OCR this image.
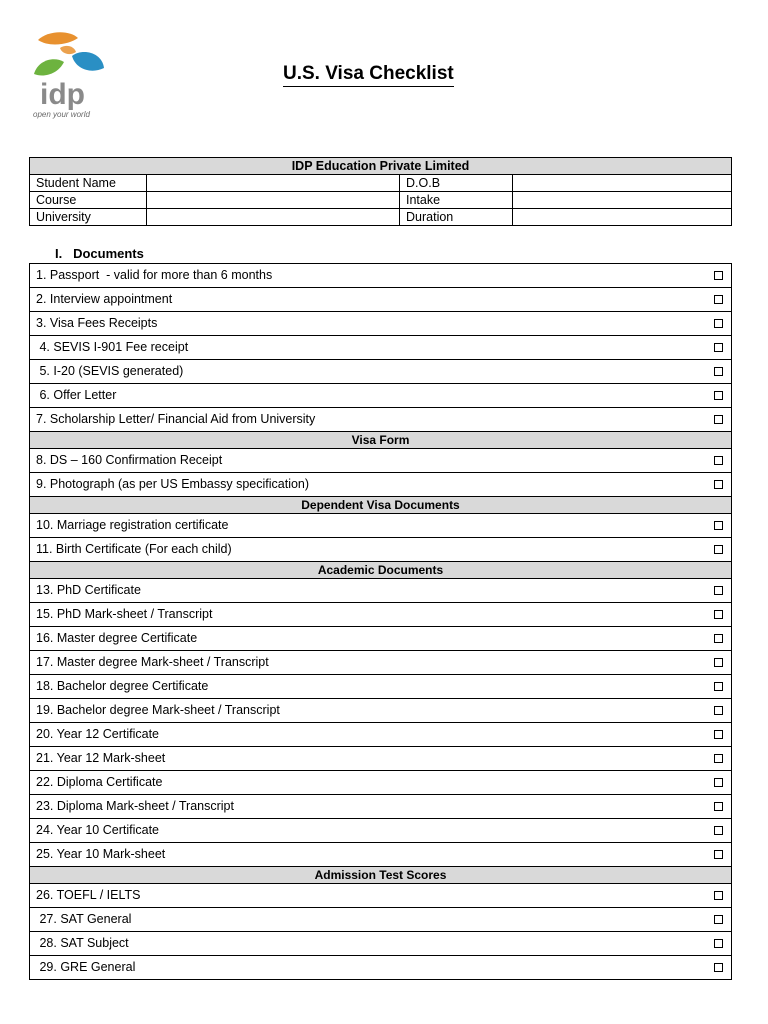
idp
open your world
U.S. Visa Checklist
IDP Education Private Limited			
Student Name		D.O.B	
Course		Intake	
University		Duration	
I. Documents
1. Passport  - valid for more than 6 months	
2. Interview appointment	
3. Visa Fees Receipts	
4. SEVIS I-901 Fee receipt	
5. I-20 (SEVIS generated)	
6. Offer Letter	
7. Scholarship Letter/ Financial Aid from University	
Visa Form	
8. DS – 160 Confirmation Receipt	
9. Photograph (as per US Embassy specification)	
Dependent Visa Documents	
10. Marriage registration certificate	
11. Birth Certificate (For each child)	
Academic Documents	
13. PhD Certificate	
15. PhD Mark-sheet / Transcript	
16. Master degree Certificate	
17. Master degree Mark-sheet / Transcript	
18. Bachelor degree Certificate	
19. Bachelor degree Mark-sheet / Transcript	
20. Year 12 Certificate	
21. Year 12 Mark-sheet	
22. Diploma Certificate	
23. Diploma Mark-sheet / Transcript	
24. Year 10 Certificate	
25. Year 10 Mark-sheet	
Admission Test Scores	
26. TOEFL / IELTS	
27. SAT General	
28. SAT Subject	
29. GRE General	
